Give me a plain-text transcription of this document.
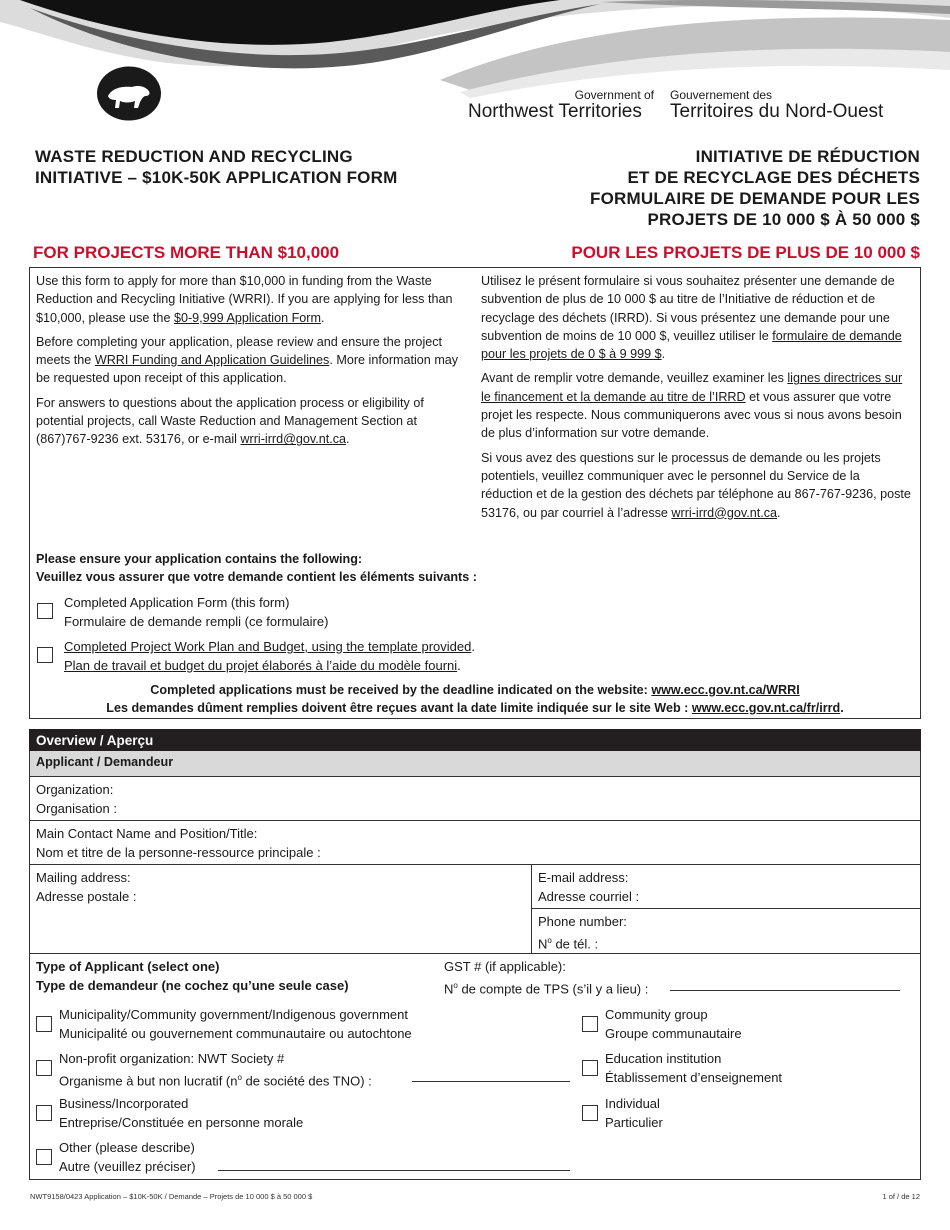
Government of
Northwest Territories
Gouvernement des
Territoires du Nord-Ouest
WASTE REDUCTION AND RECYCLING
INITIATIVE – $10K-50K APPLICATION FORM
INITIATIVE DE RÉDUCTION
ET DE RECYCLAGE DES DÉCHETS
FORMULAIRE DE DEMANDE POUR LES
PROJETS DE 10 000 $ À 50 000 $
FOR PROJECTS MORE THAN $10,000	POUR LES PROJETS DE PLUS DE 10 000 $

Use this form to apply for more than $10,000 in funding from the Waste Reduction and Recycling Initiative (WRRI). If you are applying for less than $10,000, please use the $0-9,999 Application Form.

Before completing your application, please review and ensure the project meets the WRRI Funding and Application Guidelines. More information may be requested upon receipt of this application.

For answers to questions about the application process or eligibility of potential projects, call Waste Reduction and Management Section at (867)767-9236 ext. 53176, or e-mail wrri-irrd@gov.nt.ca.

Utilisez le présent formulaire si vous souhaitez présenter une demande de subvention de plus de 10 000 $ au titre de l’Initiative de réduction et de recyclage des déchets (IRRD). Si vous présentez une demande pour une subvention de moins de 10 000 $, veuillez utiliser le formulaire de demande pour les projets de 0 $ à 9 999 $.

Avant de remplir votre demande, veuillez examiner les lignes directrices sur le financement et la demande au titre de l’IRRD et vous assurer que votre projet les respecte. Nous communiquerons avec vous si nous avons besoin de plus d’information sur votre demande.

Si vous avez des questions sur le processus de demande ou les projets potentiels, veuillez communiquer avec le personnel du Service de la réduction et de la gestion des déchets par téléphone au 867-767-9236, poste 53176, ou par courriel à l’adresse wrri-irrd@gov.nt.ca.

Please ensure your application contains the following:
Veuillez vous assurer que votre demande contient les éléments suivants :
Completed Application Form (this form)
Formulaire de demande rempli (ce formulaire)
Completed Project Work Plan and Budget, using the template provided.
Plan de travail et budget du projet élaborés à l’aide du modèle fourni.
Completed applications must be received by the deadline indicated on the website: www.ecc.gov.nt.ca/WRRI
Les demandes dûment remplies doivent être reçues avant la date limite indiquée sur le site Web : www.ecc.gov.nt.ca/fr/irrd.
Overview / Aperçu
Applicant / Demandeur
Organization:
Organisation :
Main Contact Name and Position/Title:
Nom et titre de la personne-ressource principale :
Mailing address:
Adresse postale :
E-mail address:
Adresse courriel :
Phone number:
$N^o$ de tél. :
Type of Applicant (select one)
Type de demandeur (ne cochez qu’une seule case)
GST # (if applicable):
$N^o$ de compte de TPS (s’il y a lieu) :
Municipality/Community government/Indigenous government
Municipalité ou gouvernement communautaire ou autochtone
Non-profit organization: NWT Society #
Organisme à but non lucratif ($n^o$ de société des TNO) :
Business/Incorporated
Entreprise/Constituée en personne morale
Other (please describe)
Autre (veuillez préciser)
Community group
Groupe communautaire
Education institution
Établissement d’enseignement
Individual
Particulier
NWT9158/0423 Application – $10K-50K / Demande – Projets de 10 000 $ à 50 000 $	1 of / de 12
